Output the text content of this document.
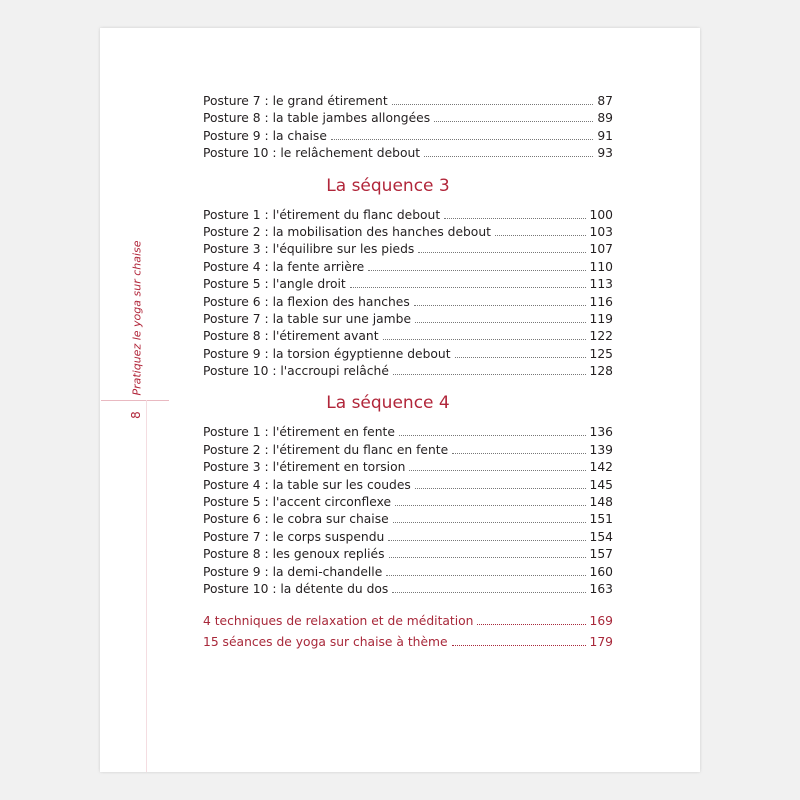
Pratiquez le yoga sur chaise
8
Posture 7 : le grand étirement	87
Posture 8 : la table jambes allongées	89
Posture 9 : la chaise	91
Posture 10 : le relâchement debout	93
La séquence 3
Posture 1 : l'étirement du flanc debout	100
Posture 2 : la mobilisation des hanches debout	103
Posture 3 : l'équilibre sur les pieds	107
Posture 4 : la fente arrière	110
Posture 5 : l'angle droit	113
Posture 6 : la flexion des hanches	116
Posture 7 : la table sur une jambe	119
Posture 8 : l'étirement avant	122
Posture 9 : la torsion égyptienne debout	125
Posture 10 : l'accroupi relâché	128
La séquence 4
Posture 1 : l'étirement en fente	136
Posture 2 : l'étirement du flanc en fente	139
Posture 3 : l'étirement en torsion	142
Posture 4 : la table sur les coudes	145
Posture 5 : l'accent circonflexe	148
Posture 6 : le cobra sur chaise	151
Posture 7 : le corps suspendu	154
Posture 8 : les genoux repliés	157
Posture 9 : la demi-chandelle	160
Posture 10 : la détente du dos	163
4 techniques de relaxation et de méditation	169
15 séances de yoga sur chaise à thème	179
